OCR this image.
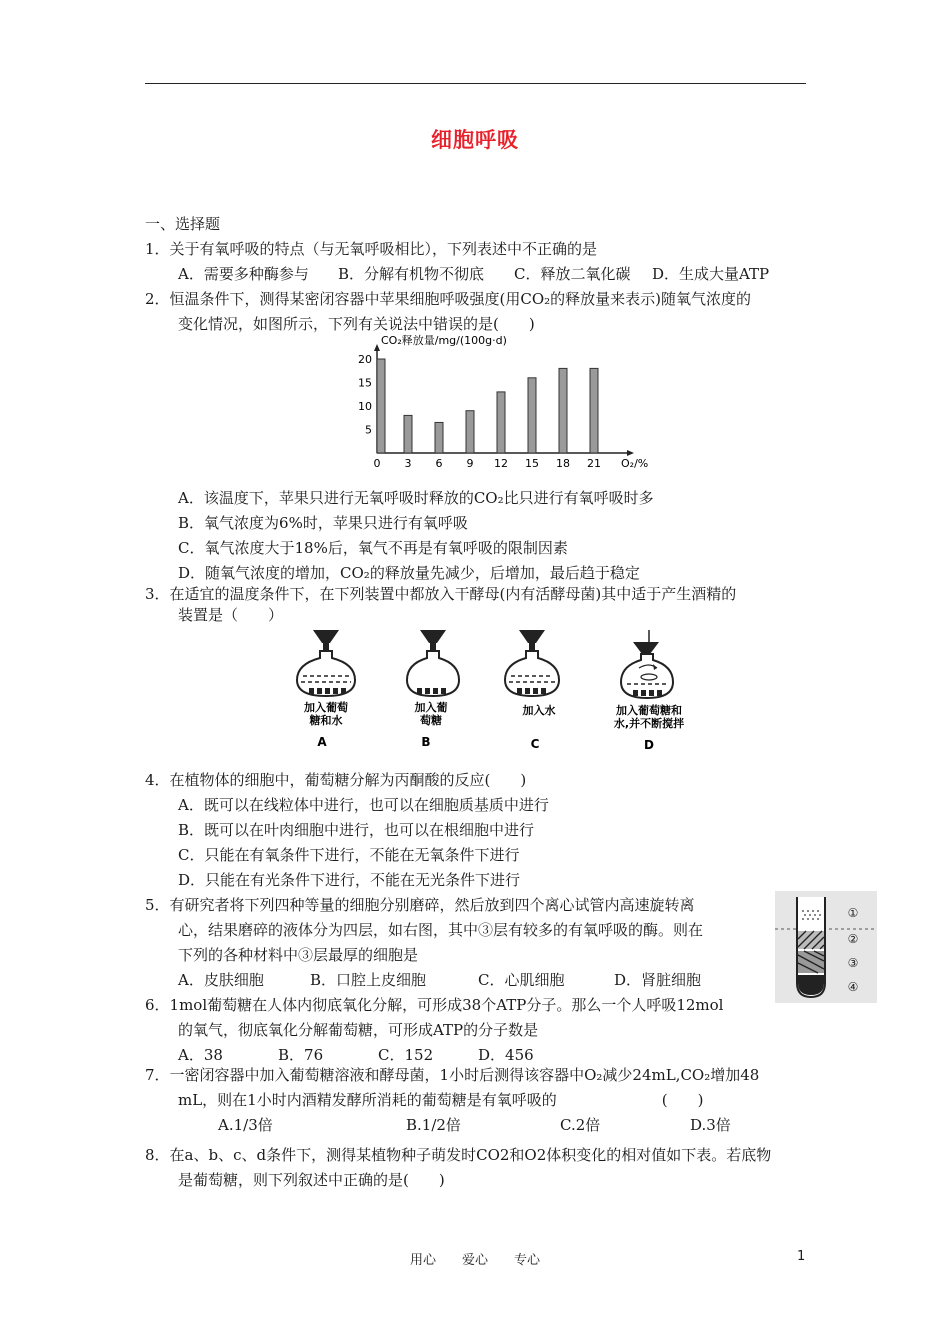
细胞呼吸
一、选择题
1．关于有氧呼吸的特点（与无氧呼吸相比），下列表述中不正确的是
A．需要多种酶参与 B．分解有机物不彻底 C．释放二氧化碳 D．生成大量ATP
2．恒温条件下，测得某密闭容器中苹果细胞呼吸强度(用CO₂的释放量来表示)随氧气浓度的
变化情况，如图所示，下列有关说法中错误的是(　　)
5
10
15
20
0 3 6 9 12 15 18 21
CO₂释放量/mg/(100g·d)
O₂/%
A．该温度下，苹果只进行无氧呼吸时释放的CO₂比只进行有氧呼吸时多
B．氧气浓度为6%时，苹果只进行有氧呼吸
C．氧气浓度大于18%后，氧气不再是有氧呼吸的限制因素
D．随氧气浓度的增加，CO₂的释放量先减少，后增加，最后趋于稳定
3．在适宜的温度条件下，在下列装置中都放入干酵母(内有活酵母菌)其中适于产生酒精的
装置是（　　）
加入葡萄
糖和水
A
加入葡
萄糖
B
加入水
C
加入葡萄糖和
水,并不断搅拌
D
4．在植物体的细胞中，葡萄糖分解为丙酮酸的反应(　　)
A．既可以在线粒体中进行，也可以在细胞质基质中进行
B．既可以在叶肉细胞中进行，也可以在根细胞中进行
C．只能在有氧条件下进行，不能在无氧条件下进行
D．只能在有光条件下进行，不能在无光条件下进行
5．有研究者将下列四种等量的细胞分别磨碎，然后放到四个离心试管内高速旋转离
心，结果磨碎的液体分为四层，如右图，其中③层有较多的有氧呼吸的酶。则在
下列的各种材料中③层最厚的细胞是
A．皮肤细胞	B．口腔上皮细胞	C．心肌细胞	D．肾脏细胞
①
②
③
④
6．1mol葡萄糖在人体内彻底氧化分解，可形成38个ATP分子。那么一个人呼吸12mol
的氧气，彻底氧化分解葡萄糖，可形成ATP的分子数是
A．38	B．76	C．152	D．456
7．一密闭容器中加入葡萄糖溶液和酵母菌，1小时后测得该容器中O₂减少24mL,CO₂增加48
mL，则在1小时内酒精发酵所消耗的葡萄糖是有氧呼吸的　　　　　　　(　　)
A.1/3倍	B.1/2倍	C.2倍	D.3倍
8．在a、b、c、d条件下，测得某植物种子萌发时CO2和O2体积变化的相对值如下表。若底物
是葡萄糖，则下列叙述中正确的是(　　)
用心　　爱心　　专心	1
